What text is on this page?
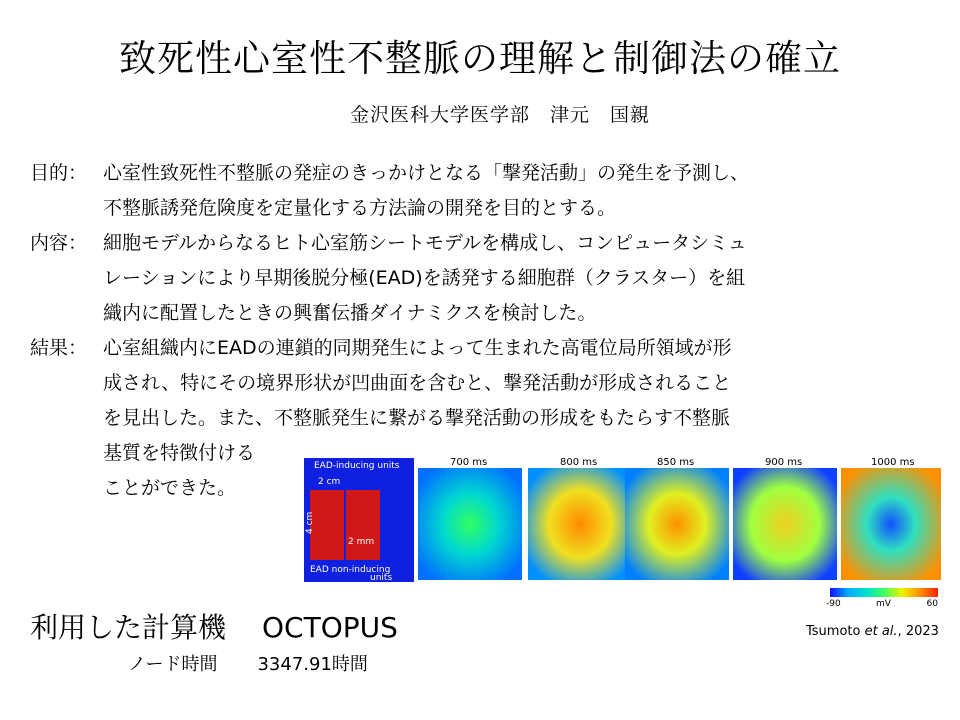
致死性心室性不整脈の理解と制御法の確立
金沢医科大学医学部　津元　国親
目的： 心室性致死性不整脈の発症のきっかけとなる「撃発活動」の発生を予測し、
不整脈誘発危険度を定量化する方法論の開発を目的とする。
内容： 細胞モデルからなるヒト心室筋シートモデルを構成し、コンピュータシミュ
レーションにより早期後脱分極(EAD)を誘発する細胞群（クラスター）を組
織内に配置したときの興奮伝播ダイナミクスを検討した。
結果： 心室組織内にEADの連鎖的同期発生によって生まれた高電位局所領域が形
成され、特にその境界形状が凹曲面を含むと、撃発活動が形成されること
を見出した。また、不整脈発生に繋がる撃発活動の形成をもたらす不整脈
基質を特徴付ける
ことができた。
EAD-inducing units
2 cm
4 cm
2 mm
EAD non-inducing
units
700 ms	800 ms	850 ms	900 ms	1000 ms
-90	mV	60
Tsumoto et al., 2023
利用した計算機 OCTOPUS
ノード時間 3347.91時間
